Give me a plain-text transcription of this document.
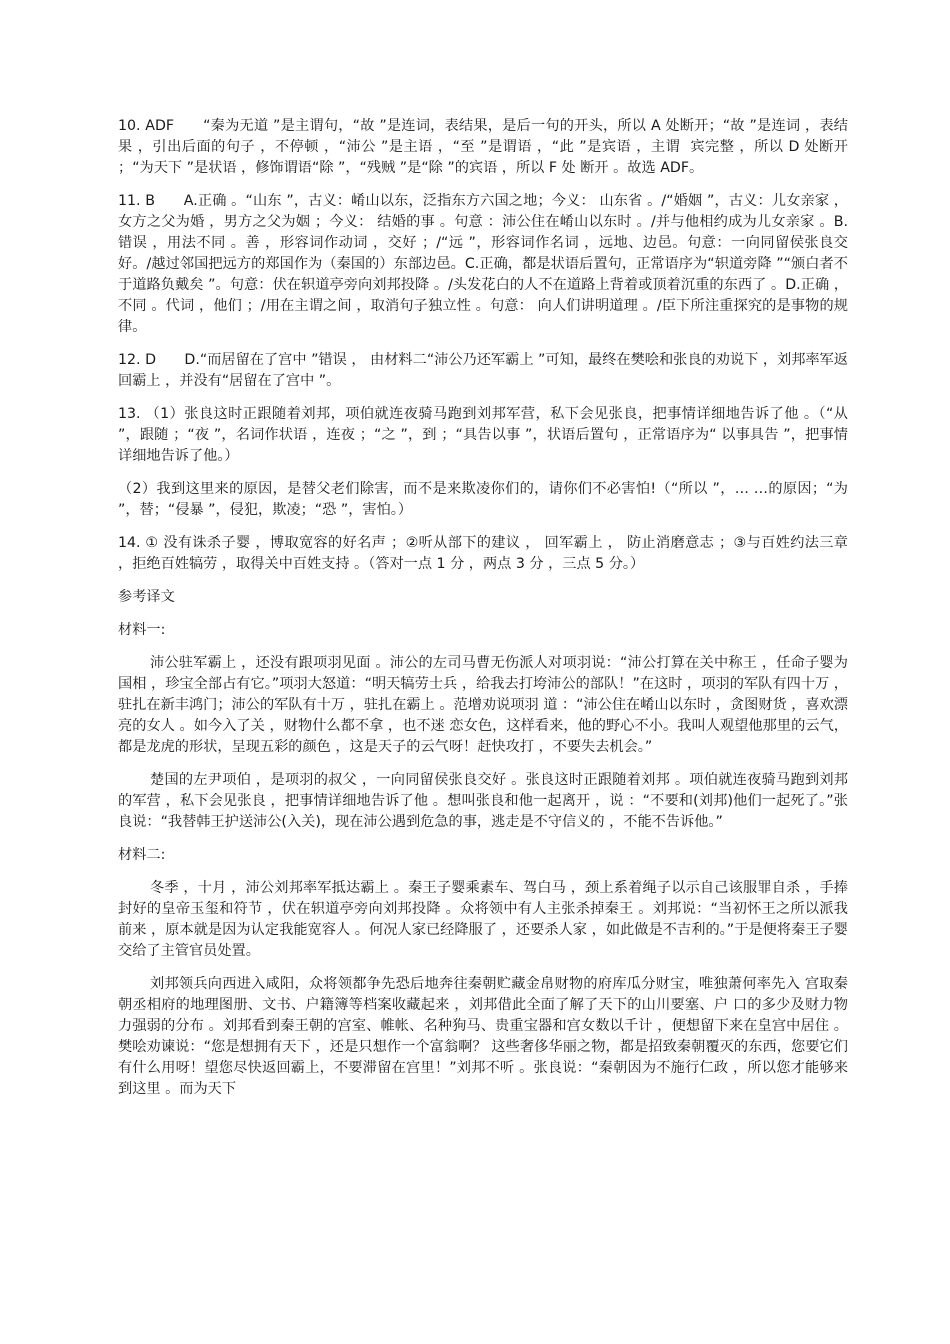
10. ADF　　“秦为无道 ”是主谓句，“故 ”是连词，表结果，是后一句的开头，所以 A 处断开；“故 ”是连词 ，表结果 ，引出后面的句子 ，不停顿 ，“沛公 ”是主语 ，“至 ”是谓语 ，“此 ”是宾语 ，主谓  宾完整 ，所以 D 处断开 ；“为天下 ”是状语 ，修饰谓语“除 ”，“残贼 ”是“除 ”的宾语 ，所以 F 处 断开 。故选 ADF。

11. B　　A.正确 。“山东 ”，古义：崤山以东，泛指东方六国之地；今义： 山东省 。/“婚姻 ”，古义：儿女亲家 ，女方之父为婚 ，男方之父为姻 ；今义： 结婚的事 。句意 ：沛公住在崤山以东时 。/并与他相约成为儿女亲家 。B.错误 ，用法不同 。善 ，形容词作动词 ，交好 ；/“远 ”，形容词作名词 ，远地、边邑。句意：一向同留侯张良交好。/越过邻国把远方的郑国作为（秦国的）东部边邑。C.正确，都是状语后置句，正常语序为“轵道旁降 ”“颁白者不于道路负戴矣 ”。句意：伏在轵道亭旁向刘邦投降 。/头发花白的人不在道路上背着或顶着沉重的东西了 。D.正确 ，不同 。代词 ，他们 ；/用在主谓之间 ，取消句子独立性 。句意： 向人们讲明道理 。/臣下所注重探究的是事物的规律。

12. D　　D.“而居留在了宫中 ”错误 ， 由材料二“沛公乃还军霸上 ”可知，最终在樊哙和张良的劝说下 ，刘邦率军返回霸上 ，并没有“居留在了宫中 ”。

13. （1）张良这时正跟随着刘邦，项伯就连夜骑马跑到刘邦军营，私下会见张良，把事情详细地告诉了他 。（“从 ”，跟随 ；“夜 ”，名词作状语 ，连夜 ；“之 ”，到 ；“具告以事 ”，状语后置句 ，正常语序为“ 以事具告 ”，把事情详细地告诉了他。）

（2）我到这里来的原因，是替父老们除害，而不是来欺凌你们的，请你们不必害怕!（“所以 ”，… …的原因；“为 ”，替；“侵暴 ”，侵犯，欺凌；“恐 ”，害怕。）

14. ① 没有诛杀子婴 ，博取宽容的好名声 ；②听从部下的建议 ， 回军霸上 ， 防止消磨意志 ；③与百姓约法三章 ，拒绝百姓犒劳 ，取得关中百姓支持 。（答对一点 1 分 ，两点 3 分 ，三点 5 分。）

参考译文

材料一:

沛公驻军霸上 ，还没有跟项羽见面 。沛公的左司马曹无伤派人对项羽说：“沛公打算在关中称王 ，任命子婴为国相 ，珍宝全部占有它。”项羽大怒道：“明天犒劳士兵 ，给我去打垮沛公的部队！”在这时 ，项羽的军队有四十万 ，驻扎在新丰鸿门；沛公的军队有十万 ，驻扎在霸上 。范增劝说项羽 道 ：“沛公住在崤山以东时 ，贪图财货 ，喜欢漂亮的女人 。如今入了关 ，财物什么都不拿 ，也不迷 恋女色，这样看来，他的野心不小。我叫人观望他那里的云气，都是龙虎的形状，呈现五彩的颜色 ，这是天子的云气呀！赶快攻打 ，不要失去机会。”

楚国的左尹项伯 ，是项羽的叔父 ，一向同留侯张良交好 。张良这时正跟随着刘邦 。项伯就连夜骑马跑到刘邦的军营 ，私下会见张良 ，把事情详细地告诉了他 。想叫张良和他一起离开 ，说 ：“不要和(刘邦)他们一起死了。”张良说：“我替韩王护送沛公(入关)，现在沛公遇到危急的事，逃走是不守信义的 ，不能不告诉他。”

材料二:

冬季 ，十月 ，沛公刘邦率军抵达霸上 。秦王子婴乘素车、驾白马 ，颈上系着绳子以示自己该服罪自杀 ，手捧封好的皇帝玉玺和符节 ，伏在轵道亭旁向刘邦投降 。众将领中有人主张杀掉秦王 。刘邦说：“当初怀王之所以派我前来 ，原本就是因为认定我能宽容人 。何况人家已经降服了 ，还要杀人家 ，如此做是不吉利的。”于是便将秦王子婴交给了主管官员处置。

刘邦领兵向西进入咸阳，众将领都争先恐后地奔往秦朝贮藏金帛财物的府库瓜分财宝，唯独萧何率先入 宫取秦朝丞相府的地理图册、文书、户籍簿等档案收藏起来 ，刘邦借此全面了解了天下的山川要塞、户 口的多少及财力物力强弱的分布 。刘邦看到秦王朝的宫室、帷帐、名种狗马、贵重宝器和宫女数以千计 ，便想留下来在皇宫中居住 。樊哙劝谏说：“您是想拥有天下 ，还是只想作一个富翁啊？ 这些奢侈华丽之物，都是招致秦朝覆灭的东西，您要它们有什么用呀！望您尽快返回霸上，不要滞留在宫里！”刘邦不听 。张良说：“秦朝因为不施行仁政 ，所以您才能够来到这里 。而为天下
